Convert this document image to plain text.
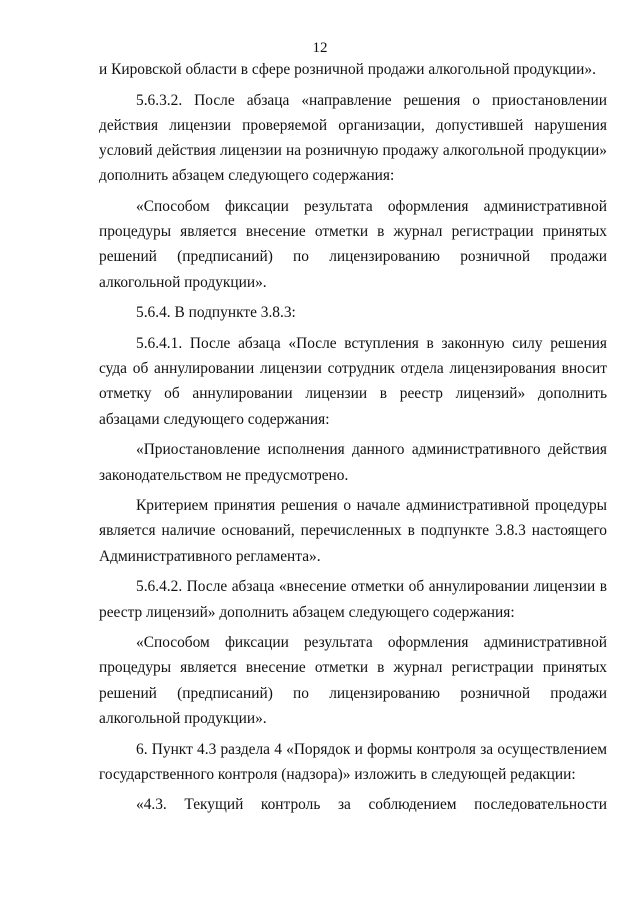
12

и Кировской области в сфере розничной продажи алкогольной продукции».

5.6.3.2. После абзаца «направление решения о приостановлении действия лицензии проверяемой организации, допустившей нарушения условий действия лицензии на розничную продажу алкогольной продукции» дополнить абзацем следующего содержания:

«Способом фиксации результата оформления административной процедуры является внесение отметки в журнал регистрации принятых решений (предписаний) по лицензированию розничной продажи алкогольной продукции».

5.6.4. В подпункте 3.8.3:

5.6.4.1. После абзаца «После вступления в законную силу решения суда об аннулировании лицензии сотрудник отдела лицензирования вносит отметку об аннулировании лицензии в реестр лицензий» дополнить абзацами следующего содержания:

«Приостановление исполнения данного административного действия законодательством не предусмотрено.

Критерием принятия решения о начале административной процедуры является наличие оснований, перечисленных в подпункте 3.8.3 настоящего Административного регламента».

5.6.4.2. После абзаца «внесение отметки об аннулировании лицензии в реестр лицензий» дополнить абзацем следующего содержания:

«Способом фиксации результата оформления административной процедуры является внесение отметки в журнал регистрации принятых решений (предписаний) по лицензированию розничной продажи алкогольной продукции».

6. Пункт 4.3 раздела 4 «Порядок и формы контроля за осуществлением государственного контроля (надзора)» изложить в следующей редакции:

«4.3. Текущий контроль за соблюдением последовательности
